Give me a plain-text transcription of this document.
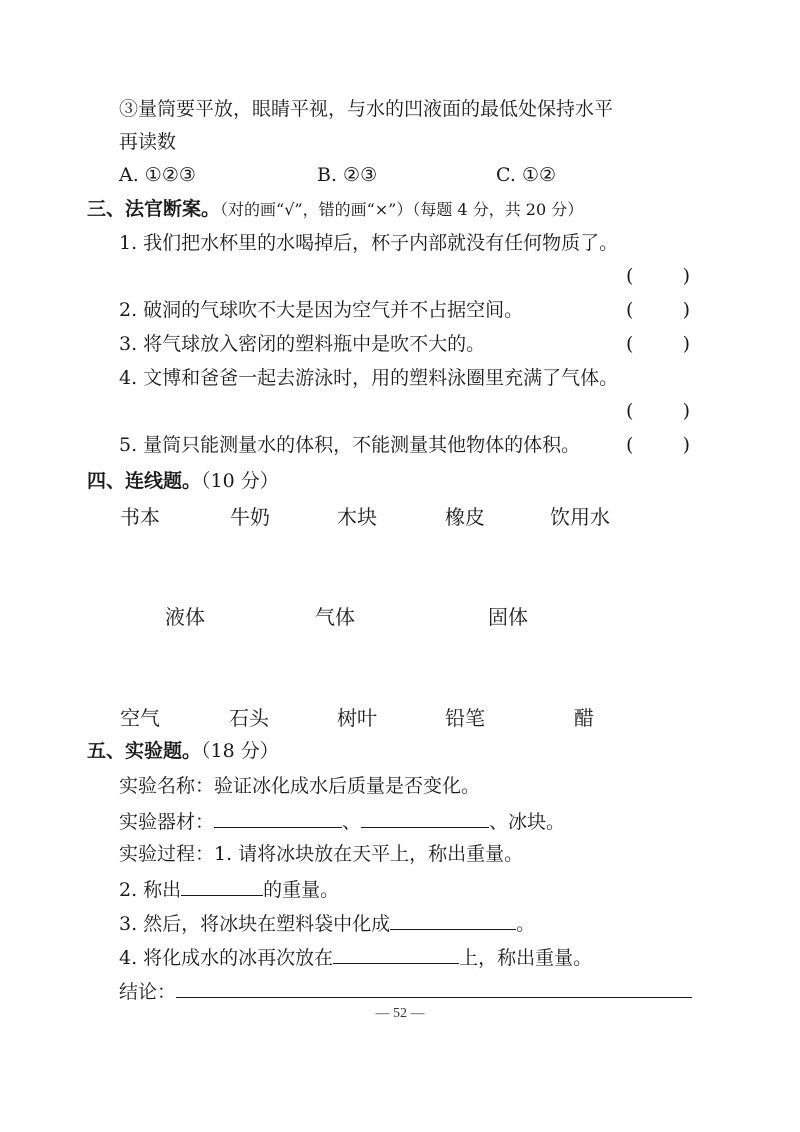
③量筒要平放，眼睛平视，与水的凹液面的最低处保持水平
再读数
A. ①②③	B. ②③	C. ①②
三、法官断案。（对的画“√”，错的画“×”）（每题 4 分，共 20 分）
1. 我们把水杯里的水喝掉后，杯子内部就没有任何物质了。
(	)
2. 破洞的气球吹不大是因为空气并不占据空间。	(	)
3. 将气球放入密闭的塑料瓶中是吹不大的。	(	)
4. 文博和爸爸一起去游泳时，用的塑料泳圈里充满了气体。
(	)
5. 量筒只能测量水的体积，不能测量其他物体的体积。 (	)
四、连线题。（10 分）
书本	牛奶	木块	橡皮	饮用水
液体	气体	固体
空气	石头	树叶	铅笔	醋
五、实验题。（18 分）
实验名称：验证冰化成水后质量是否变化。
实验器材：	、	、冰块。
实验过程：1. 请将冰块放在天平上，称出重量。
2. 称出	的重量。
3. 然后，将冰块在塑料袋中化成	。
4. 将化成水的冰再次放在	上，称出重量。
结论：
— 52 —
